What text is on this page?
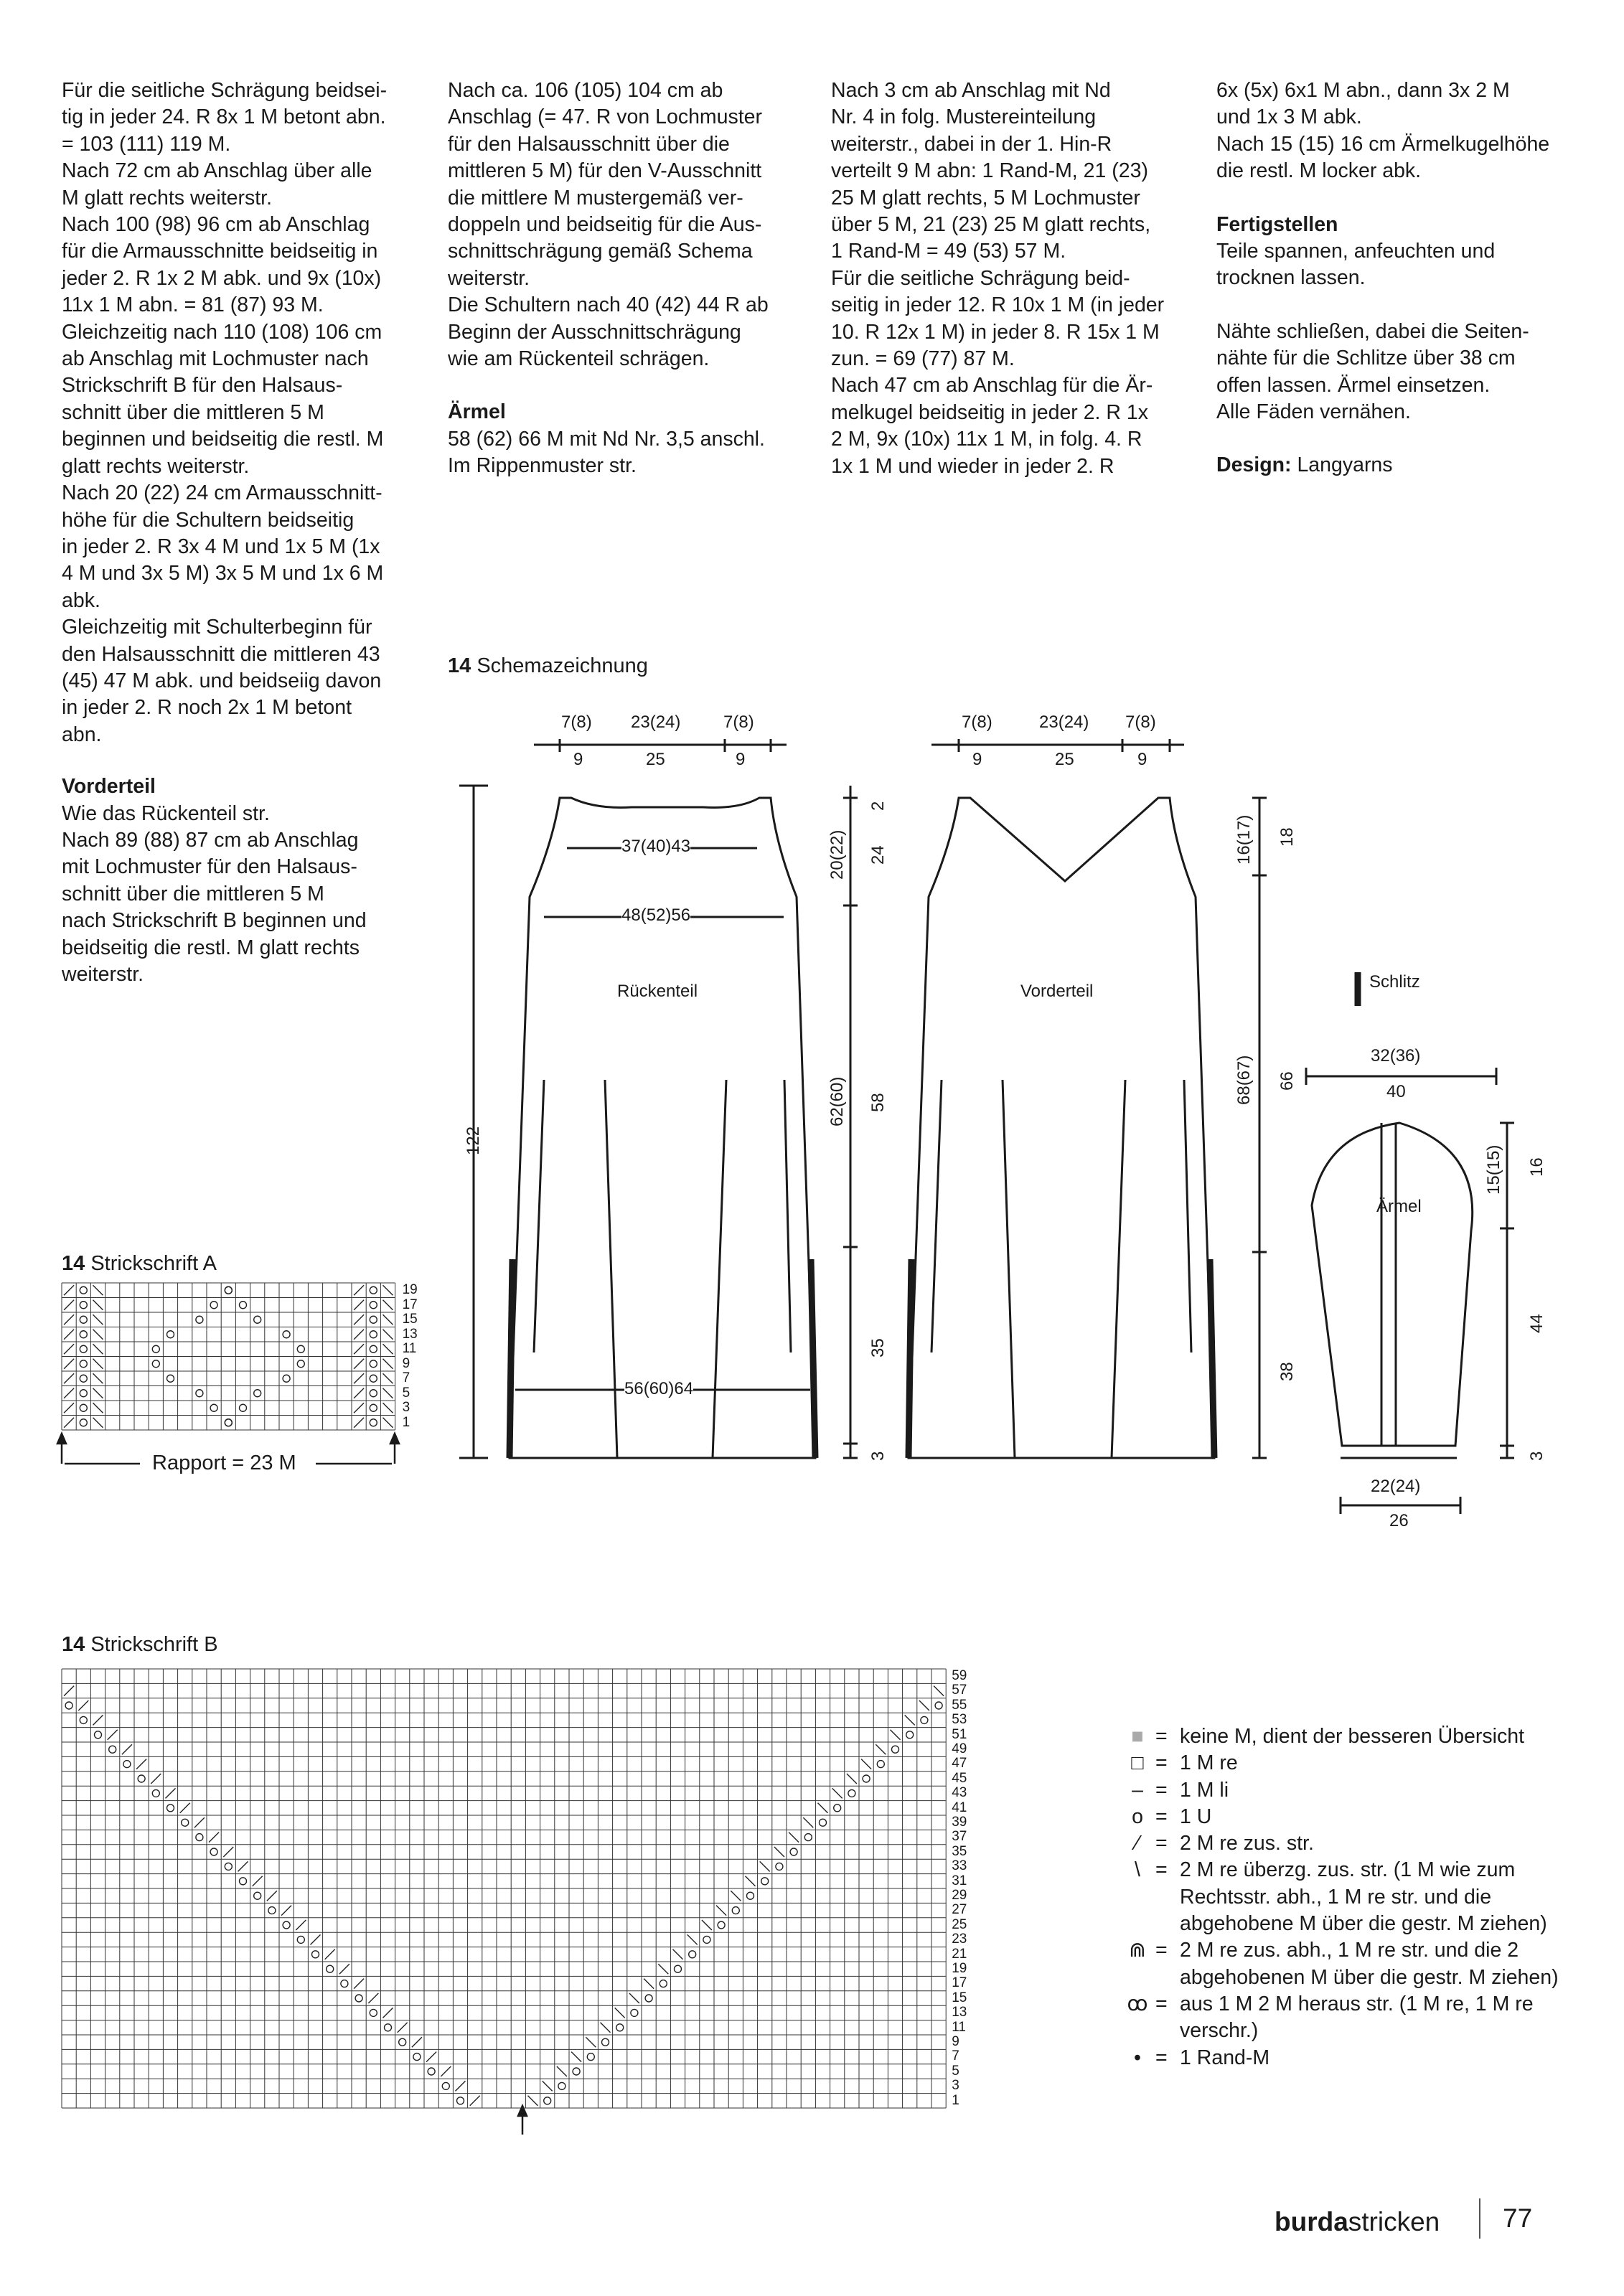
Für die seitliche Schrägung beidsei-
tig in jeder 24. R 8x 1 M betont abn.
= 103 (111) 119 M.
Nach 72 cm ab Anschlag über alle
M glatt rechts weiterstr.
Nach 100 (98) 96 cm ab Anschlag
für die Armausschnitte beidseitig in
jeder 2. R 1x 2 M abk. und 9x (10x)
11x 1 M abn. = 81 (87) 93 M.
Gleichzeitig nach 110 (108) 106 cm
ab Anschlag mit Lochmuster nach
Strickschrift B für den Halsaus-
schnitt über die mittleren 5 M
beginnen und beidseitig die restl. M
glatt rechts weiterstr.
Nach 20 (22) 24 cm Armausschnitt-
höhe für die Schultern beidseitig
in jeder 2. R 3x 4 M und 1x 5 M (1x
4 M und 3x 5 M) 3x 5 M und 1x 6 M
abk.
Gleichzeitig mit Schulterbeginn für
den Halsausschnitt die mittleren 43
(45) 47 M abk. und beidseiig davon
in jeder 2. R noch 2x 1 M betont
abn.

Vorderteil

Wie das Rückenteil str.
Nach 89 (88) 87 cm ab Anschlag
mit Lochmuster für den Halsaus-
schnitt über die mittleren 5 M
nach Strickschrift B beginnen und
beidseitig die restl. M glatt rechts
weiterstr.

Nach ca. 106 (105) 104 cm ab
Anschlag (= 47. R von Lochmuster
für den Halsausschnitt über die
mittleren 5 M) für den V-Ausschnitt
die mittlere M mustergemäß ver-
doppeln und beidseitig für die Aus-
schnittschrägung gemäß Schema
weiterstr.
Die Schultern nach 40 (42) 44 R ab
Beginn der Ausschnittschrägung
wie am Rückenteil schrägen.

Ärmel

58 (62) 66 M mit Nd Nr. 3,5 anschl.
Im Rippenmuster str.

Nach 3 cm ab Anschlag mit Nd
Nr. 4 in folg. Mustereinteilung
weiterstr., dabei in der 1. Hin-R
verteilt 9 M abn: 1 Rand-M, 21 (23)
25 M glatt rechts, 5 M Lochmuster
über 5 M, 21 (23) 25 M glatt rechts,
1 Rand-M = 49 (53) 57 M.
Für die seitliche Schrägung beid-
seitig in jeder 12. R 10x 1 M (in jeder
10. R 12x 1 M) in jeder 8. R 15x 1 M
zun. = 69 (77) 87 M.
Nach 47 cm ab Anschlag für die Är-
melkugel beidseitig in jeder 2. R 1x
2 M, 9x (10x) 11x 1 M, in folg. 4. R
1x 1 M und wieder in jeder 2. R

6x (5x) 6x1 M abn., dann 3x 2 M
und 1x 3 M abk.
Nach 15 (15) 16 cm Ärmelkugelhöhe
die restl. M locker abk.

Fertigstellen

Teile spannen, anfeuchten und
trocknen lassen.

Nähte schließen, dabei die Seiten-
nähte für die Schlitze über 38 cm
offen lassen. Ärmel einsetzen.
Alle Fäden vernähen.

Design: Langyarns
14 Schemazeichnung
14 Strickschrift A
14 Strickschrift B
7(8) 23(24) 7(8)
9	25	9
37(40)43
48(52)56
Rückenteil
56(60)64
122
20(22) 24
2
62(60) 58
35
3
7(8)	23(24) 7(8)
9	25	9
Vorderteil
16(17) 18
68(67) 66
38
Schlitz
32(36)
40
Ärmel
15(15) 16
44
3
22(24)
26
19
17
15
13
11
9
7
5
3
1
Rapport = 23 M
59
57
55
53
51
49
47
45
43
41
39
37
35
33
31
29
27
25
23
21
19
17
15
13
11
9
7
5
3
1
■ = keine M, dient der besseren Übersicht
□ = 1 M re
– = 1 M li
o = 1 U
⁄ = 2 M re zus. str.
\ = 2 M re überzg. zus. str. (1 M wie zum Rechtsstr. abh., 1 M re str. und die abgehobene M über die gestr. M ziehen)
⋒ = 2 M re zus. abh., 1 M re str. und die 2 abgehobenen M über die gestr. M ziehen)
ꝏ = aus 1 M 2 M heraus str. (1 M re, 1 M re verschr.)
• = 1 Rand-M
burdastricken 77
